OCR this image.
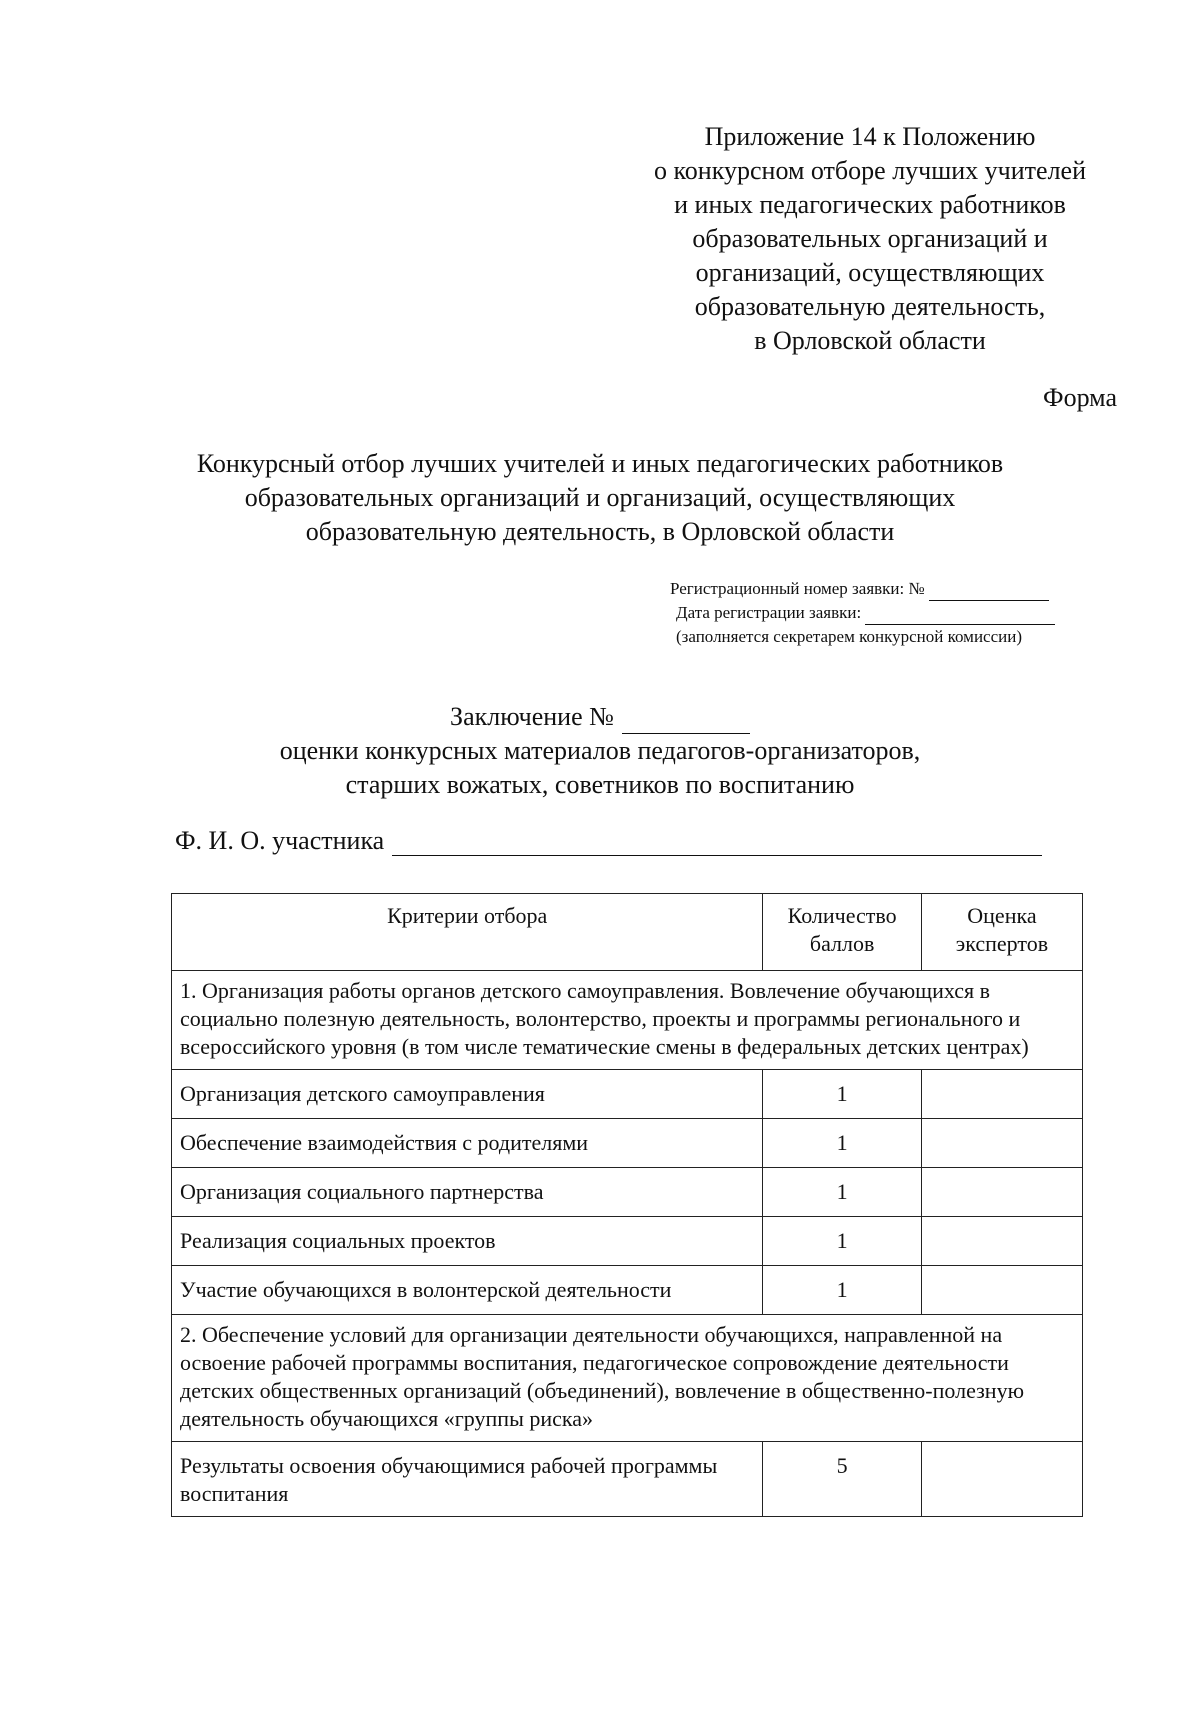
Приложение 14 к Положению
о конкурсном отборе лучших учителей
и иных педагогических работников
образовательных организаций и
организаций, осуществляющих
образовательную деятельность,
в Орловской области
Форма
Конкурсный отбор лучших учителей и иных педагогических работников
образовательных организаций и организаций, осуществляющих
образовательную деятельность, в Орловской области
Регистрационный номер заявки: №
Дата регистрации заявки:
(заполняется секретарем конкурсной комиссии)
Заключение №
оценки конкурсных материалов педагогов-организаторов,
старших вожатых, советников по воспитанию
Ф. И. О. участника
Критерии отбора	Количество баллов	Оценка экспертов
1. Организация работы органов детского самоуправления. Вовлечение обучающихся в социально полезную деятельность, волонтерство, проекты и программы регионального и всероссийского уровня (в том числе тематические смены в федеральных детских центрах)		
Организация детского самоуправления	1	
Обеспечение взаимодействия с родителями	1	
Организация социального партнерства	1	
Реализация социальных проектов	1	
Участие обучающихся в волонтерской деятельности	1	
2. Обеспечение условий для организации деятельности обучающихся, направленной на освоение рабочей программы воспитания, педагогическое сопровождение деятельности детских общественных организаций (объединений), вовлечение в общественно-полезную деятельность обучающихся «группы риска»		
Результаты освоения обучающимися рабочей программы воспитания	5	
